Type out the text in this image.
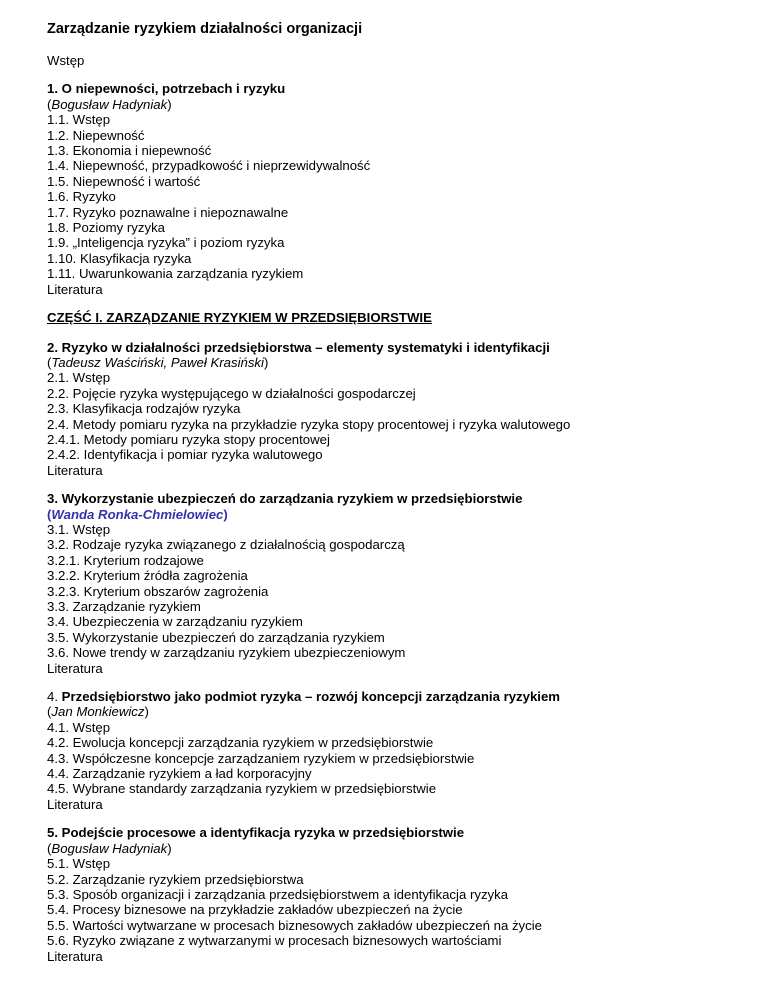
Zarządzanie ryzykiem działalności organizacji
Wstęp
1. O niepewności, potrzebach i ryzyku
(Bogusław Hadyniak)
1.1. Wstęp
1.2. Niepewność
1.3. Ekonomia i niepewność
1.4. Niepewność, przypadkowość i nieprzewidywalność
1.5. Niepewność i wartość
1.6. Ryzyko
1.7. Ryzyko poznawalne i niepoznawalne
1.8. Poziomy ryzyka
1.9. „Inteligencja ryzyka” i poziom ryzyka
1.10. Klasyfikacja ryzyka
1.11. Uwarunkowania zarządzania ryzykiem
Literatura
CZĘŚĆ I. ZARZĄDZANIE RYZYKIEM W PRZEDSIĘBIORSTWIE
2. Ryzyko w działalności przedsiębiorstwa – elementy systematyki i identyfikacji
(Tadeusz Waściński, Paweł Krasiński)
2.1. Wstęp
2.2. Pojęcie ryzyka występującego w działalności gospodarczej
2.3. Klasyfikacja rodzajów ryzyka
2.4. Metody pomiaru ryzyka na przykładzie ryzyka stopy procentowej i ryzyka walutowego
2.4.1. Metody pomiaru ryzyka stopy procentowej
2.4.2. Identyfikacja i pomiar ryzyka walutowego
Literatura
3. Wykorzystanie ubezpieczeń do zarządzania ryzykiem w przedsiębiorstwie
(Wanda Ronka-Chmielowiec)
3.1. Wstęp
3.2. Rodzaje ryzyka związanego z działalnością gospodarczą
3.2.1. Kryterium rodzajowe
3.2.2. Kryterium źródła zagrożenia
3.2.3. Kryterium obszarów zagrożenia
3.3. Zarządzanie ryzykiem
3.4. Ubezpieczenia w zarządzaniu ryzykiem
3.5. Wykorzystanie ubezpieczeń do zarządzania ryzykiem
3.6. Nowe trendy w zarządzaniu ryzykiem ubezpieczeniowym
Literatura
4. Przedsiębiorstwo jako podmiot ryzyka – rozwój koncepcji zarządzania ryzykiem
(Jan Monkiewicz)
4.1. Wstęp
4.2. Ewolucja koncepcji zarządzania ryzykiem w przedsiębiorstwie
4.3. Współczesne koncepcje zarządzaniem ryzykiem w przedsiębiorstwie
4.4. Zarządzanie ryzykiem a ład korporacyjny
4.5. Wybrane standardy zarządzania ryzykiem w przedsiębiorstwie
Literatura
5. Podejście procesowe a identyfikacja ryzyka w przedsiębiorstwie
(Bogusław Hadyniak)
5.1. Wstęp
5.2. Zarządzanie ryzykiem przedsiębiorstwa
5.3. Sposób organizacji i zarządzania przedsiębiorstwem a identyfikacja ryzyka
5.4. Procesy biznesowe na przykładzie zakładów ubezpieczeń na życie
5.5. Wartości wytwarzane w procesach biznesowych zakładów ubezpieczeń na życie
5.6. Ryzyko związane z wytwarzanymi w procesach biznesowych wartościami
Literatura
